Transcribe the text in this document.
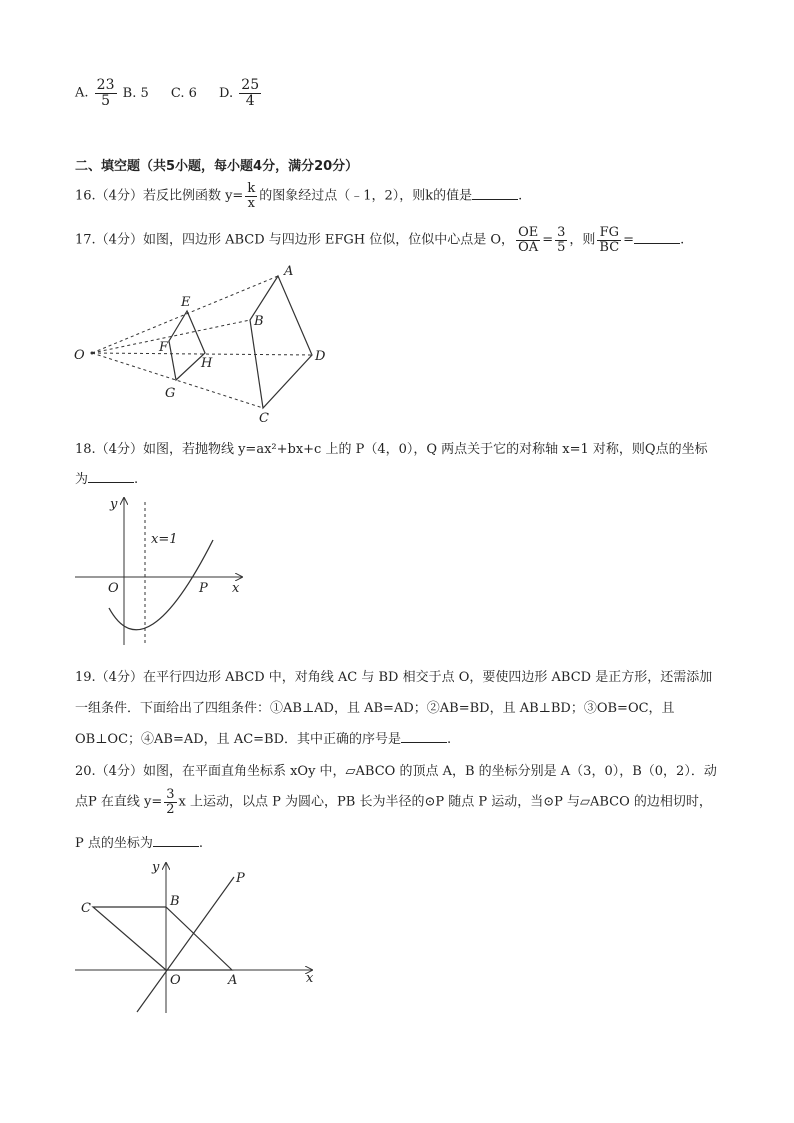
A. $\frac{23}{5} B$. 5 C. 6 D. $\frac{25}{4}$
二、填空题（共5小题，每小题4分，满分20分）
16.（4分）若反比例函数 $y= \frac{k}{x}$ 的图象经过点（﹣1，2），则k的值是	.
17.（4分）如图，四边形 ABCD 与四边形 EFGH 位似，位似中心点是 O， $\frac{OE}{OA} = \frac{3}{5}$ ，则 $\frac{FG}{BC}$ =	.
O
A
B
C
D
E
F
G
H
18.（4分）如图，若抛物线 y=ax²+bx+c 上的 P（4，0），Q 两点关于它的对称轴 x=1 对称，则Q点的坐标
为	.
y
x
O	P
x=1
19.（4分）在平行四边形 ABCD 中，对角线 AC 与 BD 相交于点 O，要使四边形 ABCD 是正方形，还需添加
一组条件．下面给出了四组条件：①AB⊥AD，且 AB=AD；②AB=BD，且 AB⊥BD；③OB=OC，且
OB⊥OC；④AB=AD，且 AC=BD．其中正确的序号是	.
20.（4分）如图，在平面直角坐标系 xOy 中，▱ABCO 的顶点 A，B 的坐标分别是 A（3，0），B（0，2）．动
点P 在直线 $y= \frac{3}{2}$ x 上运动，以点 P 为圆心，PB 长为半径的⊙P 随点 P 运动，当⊙P 与▱ABCO 的边相切时，
P 点的坐标为	.
y
x
O	A
B
C
P
